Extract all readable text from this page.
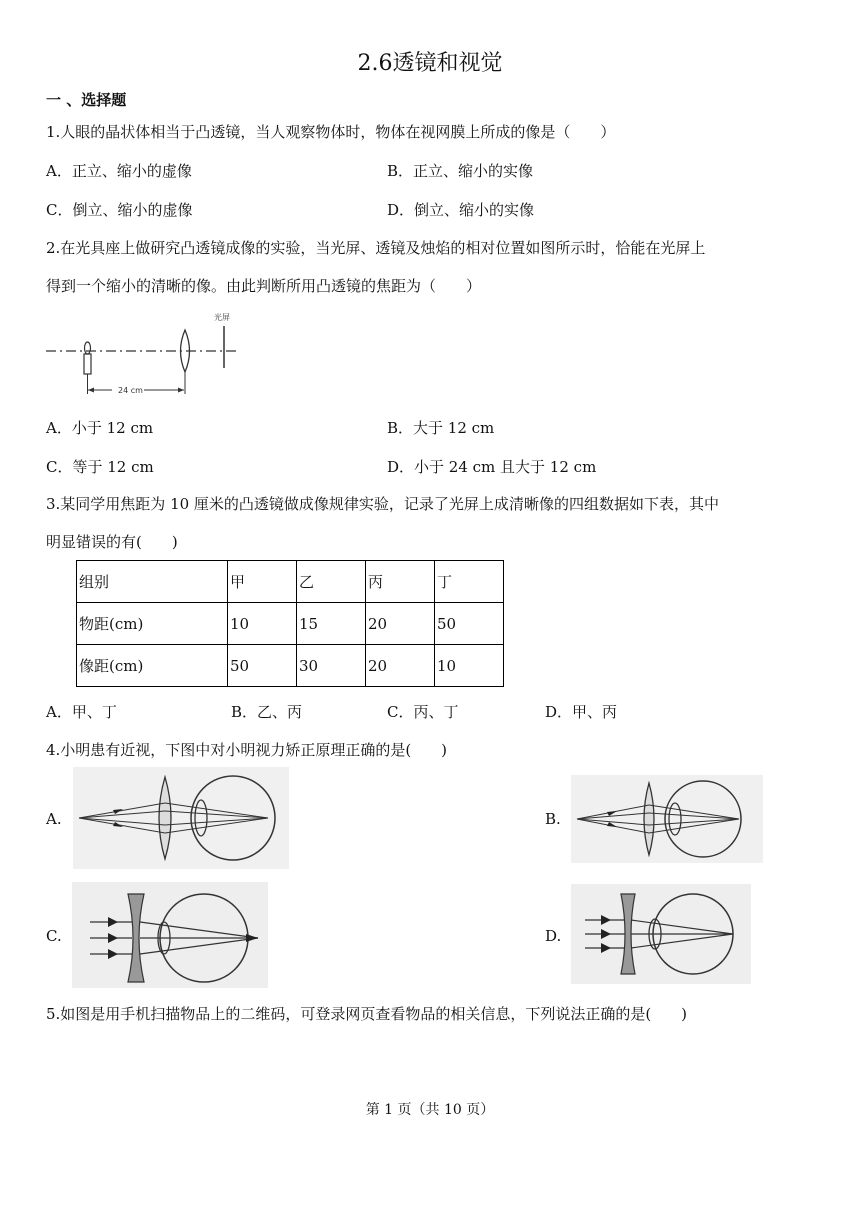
2.6透镜和视觉
一 、选择题
1.人眼的晶状体相当于凸透镜，当人观察物体时，物体在视网膜上所成的像是（　　）
A．正立、缩小的虚像	B．正立、缩小的实像
C．倒立、缩小的虚像	D．倒立、缩小的实像
2.在光具座上做研究凸透镜成像的实验，当光屏、透镜及烛焰的相对位置如图所示时，恰能在光屏上
得到一个缩小的清晰的像。由此判断所用凸透镜的焦距为（　　）
光屏
24 cm
A．小于 12 cm	B．大于 12 cm
C．等于 12 cm	D．小于 24 cm 且大于 12 cm
3.某同学用焦距为 10 厘米的凸透镜做成像规律实验，记录了光屏上成清晰像的四组数据如下表，其中
明显错误的有(　　)
组别	甲	乙	丙	丁
物距(cm)	10	15	20	50
像距(cm)	50	30	20	10
A．甲、丁	B．乙、丙	C．丙、丁	D．甲、丙
4.小明患有近视，下图中对小明视力矫正原理正确的是(　　)
A.	B.
C.	D.
5.如图是用手机扫描物品上的二维码，可登录网页查看物品的相关信息，下列说法正确的是(　　)
第 1 页（共 10 页）
